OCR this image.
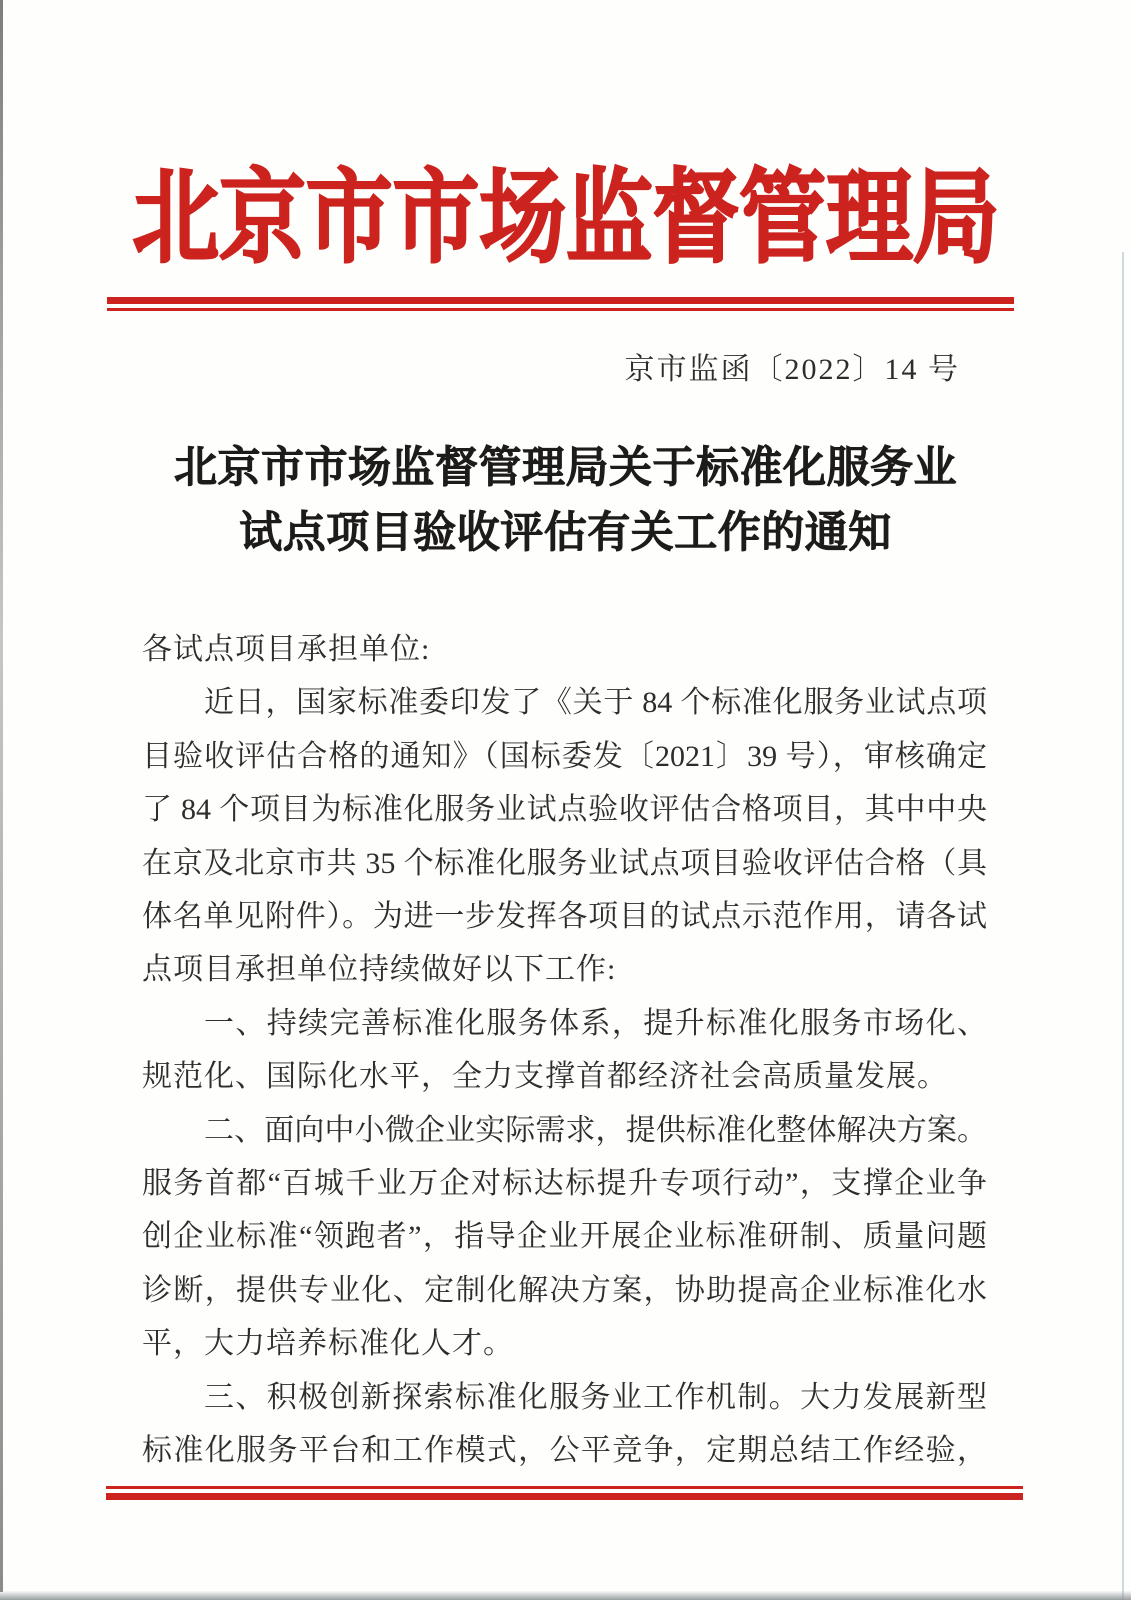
北京市市场监督管理局
京市监函〔2022〕14 号
北京市市场监督管理局关于标准化服务业
试点项目验收评估有关工作的通知
各试点项目承担单位:
近日，国家标准委印发了《关于 84 个标准化服务业试点项
目验收评估合格的通知》（国标委发〔2021〕39 号），审核确定
了 84 个项目为标准化服务业试点验收评估合格项目，其中中央
在京及北京市共 35 个标准化服务业试点项目验收评估合格（具
体名单见附件）。为进一步发挥各项目的试点示范作用，请各试
点项目承担单位持续做好以下工作:
一、持续完善标准化服务体系，提升标准化服务市场化、
规范化、国际化水平，全力支撑首都经济社会高质量发展。
二、面向中小微企业实际需求，提供标准化整体解决方案。
服务首都“百城千业万企对标达标提升专项行动”，支撑企业争
创企业标准“领跑者”，指导企业开展企业标准研制、质量问题
诊断，提供专业化、定制化解决方案，协助提高企业标准化水
平，大力培养标准化人才。
三、积极创新探索标准化服务业工作机制。大力发展新型
标准化服务平台和工作模式，公平竞争，定期总结工作经验，
